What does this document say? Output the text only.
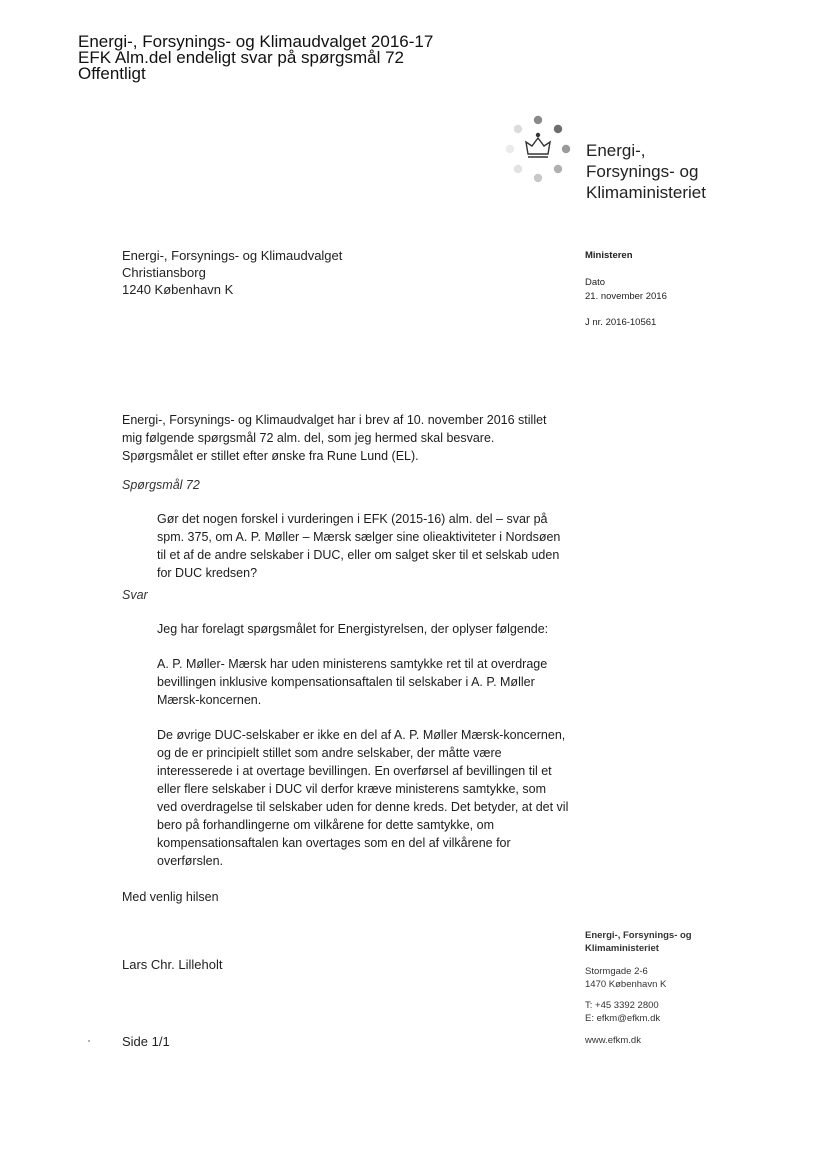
Energi-, Forsynings- og Klimaudvalget 2016-17
EFK Alm.del endeligt svar på spørgsmål 72
Offentligt
Energi-,
Forsynings- og
Klimaministeriet
Energi-, Forsynings- og Klimaudvalget
Christiansborg
1240 København K
Ministeren
Dato
21. november 2016
J nr. 2016-10561
Energi-, Forsynings- og Klimaudvalget har i brev af 10. november 2016 stillet mig følgende spørgsmål 72 alm. del, som jeg hermed skal besvare. Spørgsmålet er stillet efter ønske fra Rune Lund (EL).
Spørgsmål 72
Gør det nogen forskel i vurderingen i EFK (2015-16) alm. del – svar på spm. 375, om A. P. Møller – Mærsk sælger sine olieaktiviteter i Nordsøen til et af de andre selskaber i DUC, eller om salget sker til et selskab uden for DUC kredsen?
Svar

Jeg har forelagt spørgsmålet for Energistyrelsen, der oplyser følgende:

A. P. Møller- Mærsk har uden ministerens samtykke ret til at overdrage bevillingen inklusive kompensationsaftalen til selskaber i A. P. Møller Mærsk-koncernen.

De øvrige DUC-selskaber er ikke en del af A. P. Møller Mærsk-koncernen, og de er principielt stillet som andre selskaber, der måtte være interesserede i at overtage bevillingen. En overførsel af bevillingen til et eller flere selskaber i DUC vil derfor kræve ministerens samtykke, som ved overdragelse til selskaber uden for denne kreds. Det betyder, at det vil bero på forhandlingerne om vilkårene for dette samtykke, om kompensationsaftalen kan overtages som en del af vilkårene for overførslen.

Med venlig hilsen
Lars Chr. Lilleholt
Side 1/1
Energi-, Forsynings- og
Klimaministeriet
Stormgade 2-6
1470 København K
T: +45 3392 2800
E: efkm@efkm.dk
www.efkm.dk
